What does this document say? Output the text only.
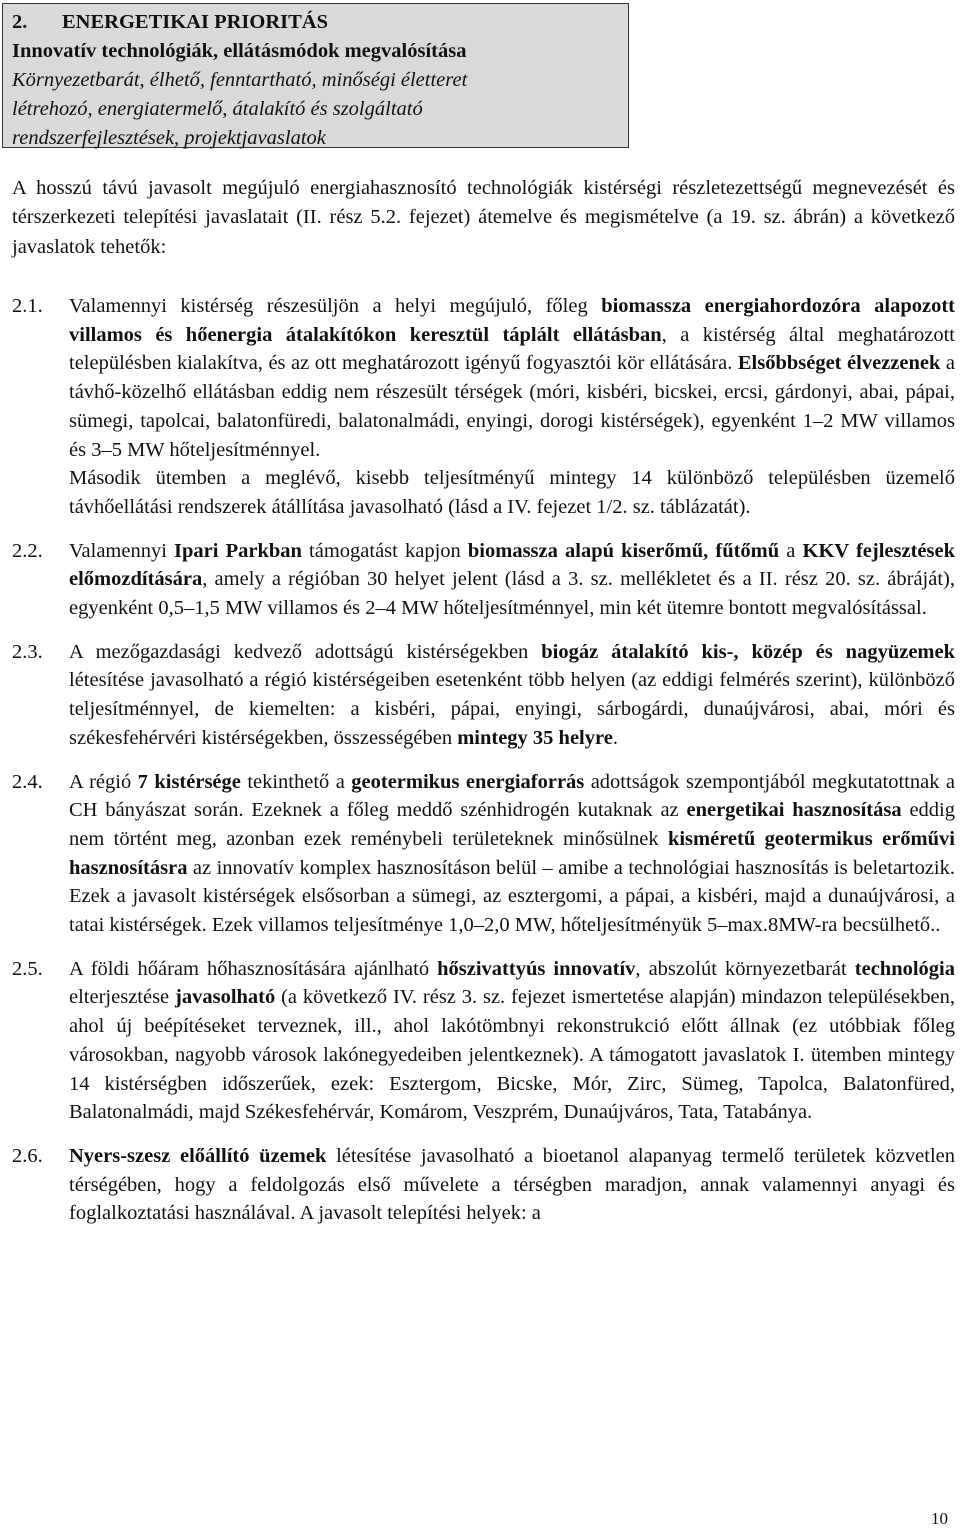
2. ENERGETIKAI PRIORITÁS
Innovatív technológiák, ellátásmódok megvalósítása
Környezetbarát, élhető, fenntartható, minőségi életteret
létrehozó, energiatermelő, átalakító és szolgáltató
rendszerfejlesztések, projektjavaslatok
A hosszú távú javasolt megújuló energiahasznosító technológiák kistérségi részletezettségű megnevezését és térszerkezeti telepítési javaslatait (II. rész 5.2. fejezet) átemelve és megismételve (a 19. sz. ábrán) a következő javaslatok tehetők:
2.1.	Valamennyi kistérség részesüljön a helyi megújuló, főleg biomassza energiahordozóra alapozott villamos és hőenergia átalakítókon keresztül táplált ellátásban, a kistérség által meghatározott településben kialakítva, és az ott meghatározott igényű fogyasztói kör ellátására. Elsőbbséget élvezzenek a távhő-közelhő ellátásban eddig nem részesült térségek (móri, kisbéri, bicskei, ercsi, gárdonyi, abai, pápai, sümegi, tapolcai, balatonfüredi, balatonalmádi, enyingi, dorogi kistérségek), egyenként 1–2 MW villamos és 3–5 MW hőteljesítménnyel.

Második ütemben a meglévő, kisebb teljesítményű mintegy 14 különböző településben üzemelő távhőellátási rendszerek átállítása javasolható (lásd a IV. fejezet 1/2. sz. táblázatát).

2.2.	Valamennyi Ipari Parkban támogatást kapjon biomassza alapú kiserőmű, fűtőmű a KKV fejlesztések előmozdítására, amely a régióban 30 helyet jelent (lásd a 3. sz. mellékletet és a II. rész 20. sz. ábráját), egyenként 0,5–1,5 MW villamos és 2–4 MW hőteljesítménnyel, min két ütemre bontott megvalósítással.

2.3.	A mezőgazdasági kedvező adottságú kistérségekben biogáz átalakító kis-, közép és nagyüzemek létesítése javasolható a régió kistérségeiben esetenként több helyen (az eddigi felmérés szerint), különböző teljesítménnyel, de kiemelten: a kisbéri, pápai, enyingi, sárbogárdi, dunaújvárosi, abai, móri és székesfehérvéri kistérségekben, összességében mintegy 35 helyre.

2.4.	A régió 7 kistérsége tekinthető a geotermikus energiaforrás adottságok szempontjából megkutatottnak a CH bányászat során. Ezeknek a főleg meddő szénhidrogén kutaknak az energetikai hasznosítása eddig nem történt meg, azonban ezek reménybeli területeknek minősülnek kisméretű geotermikus erőművi hasznosításra az innovatív komplex hasznosításon belül – amibe a technológiai hasznosítás is beletartozik. Ezek a javasolt kistérségek elsősorban a sümegi, az esztergomi, a pápai, a kisbéri, majd a dunaújvárosi, a tatai kistérségek. Ezek villamos teljesítménye 1,0–2,0 MW, hőteljesítményük 5–max.8MW-ra becsülhető..

2.5.	A földi hőáram hőhasznosítására ajánlható hőszivattyús innovatív, abszolút környezetbarát technológia elterjesztése javasolható (a következő IV. rész 3. sz. fejezet ismertetése alapján) mindazon településekben, ahol új beépítéseket terveznek, ill., ahol lakótömbnyi rekonstrukció előtt állnak (ez utóbbiak főleg városokban, nagyobb városok lakónegyedeiben jelentkeznek). A támogatott javaslatok I. ütemben mintegy 14 kistérségben időszerűek, ezek: Esztergom, Bicske, Mór, Zirc, Sümeg, Tapolca, Balatonfüred, Balatonalmádi, majd Székesfehérvár, Komárom, Veszprém, Dunaújváros, Tata, Tatabánya.

2.6.	Nyers-szesz előállító üzemek létesítése javasolható a bioetanol alapanyag termelő területek közvetlen térségében, hogy a feldolgozás első művelete a térségben maradjon, annak valamennyi anyagi és foglalkoztatási használával. A javasolt telepítési helyek: a

10
